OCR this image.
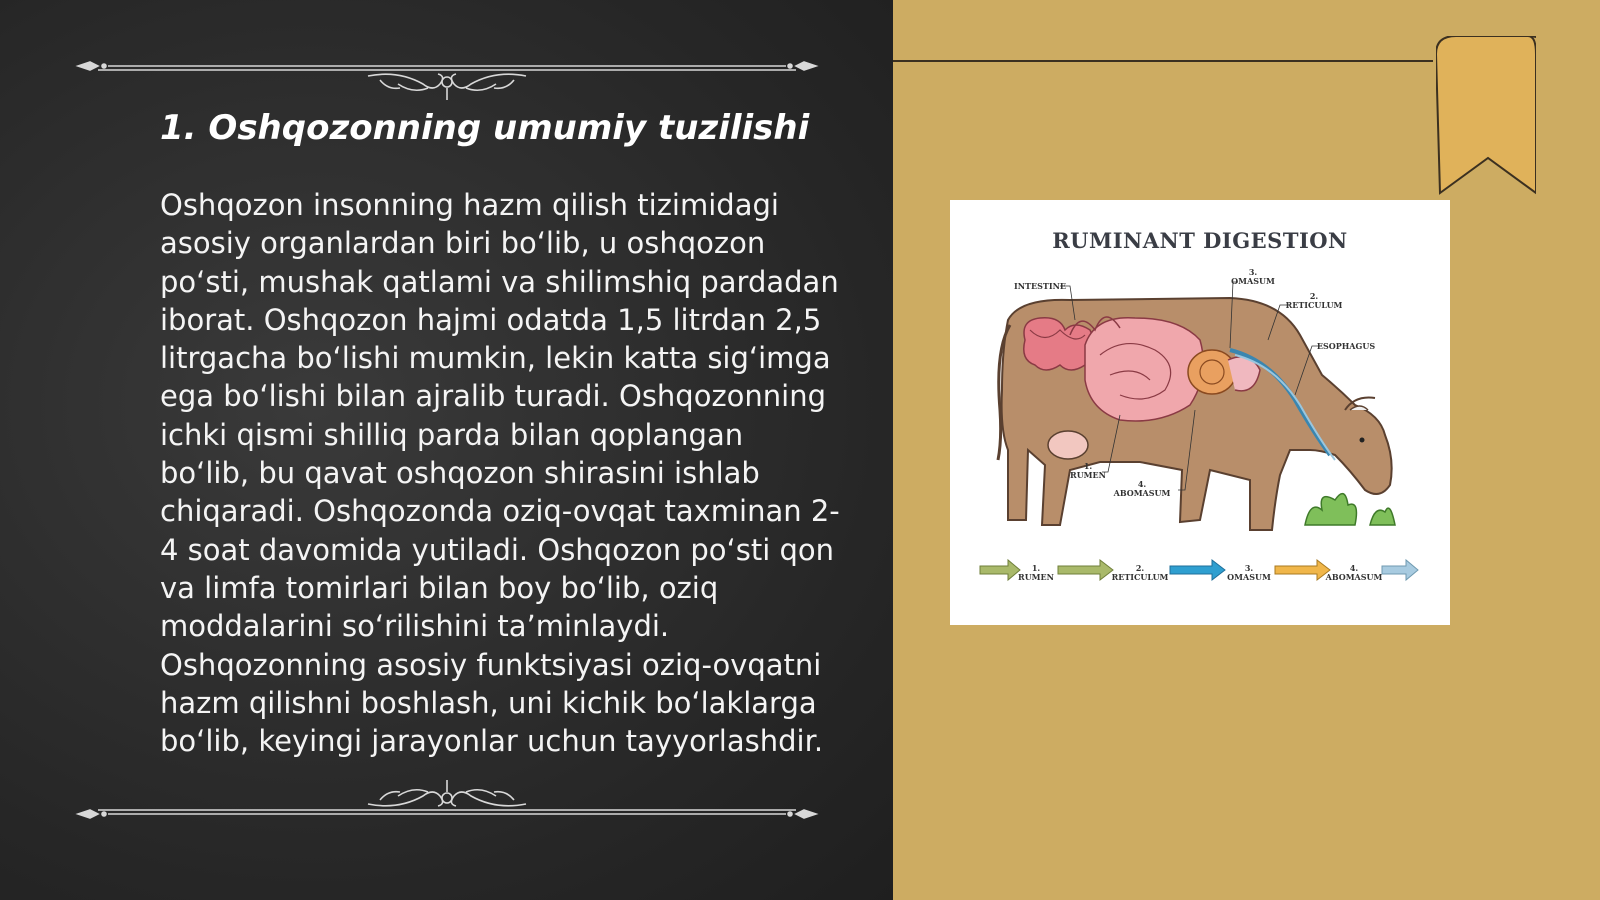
1. Oshqozonning umumiy tuzilishi

Oshqozon insonning hazm qilish tizimidagi asosiy organlardan biri boʻlib, u oshqozon poʻsti, mushak qatlami va shilimshiq pardadan iborat. Oshqozon hajmi odatda 1,5 litrdan 2,5 litrgacha boʻlishi mumkin, lekin katta sigʻimga ega boʻlishi bilan ajralib turadi. Oshqozonning ichki qismi shilliq parda bilan qoplangan boʻlib, bu qavat oshqozon shirasini ishlab chiqaradi. Oshqozonda oziq-ovqat taxminan 2-4 soat davomida yutiladi. Oshqozon poʻsti qon va limfa tomirlari bilan boy boʻlib, oziq moddalarini soʻrilishini taʼminlaydi. Oshqozonning asosiy funktsiyasi oziq-ovqatni hazm qilishni boshlash, uni kichik boʻlaklarga boʻlib, keyingi jarayonlar uchun tayyorlashdir.

RUMINANT DIGESTION
INTESTINE
3.
OMASUM
2.
RETICULUM
ESOPHAGUS
1.
RUMEN
4.
ABOMASUM
1.
RUMEN
2.
RETICULUM
3.
OMASUM
4.
ABOMASUM
